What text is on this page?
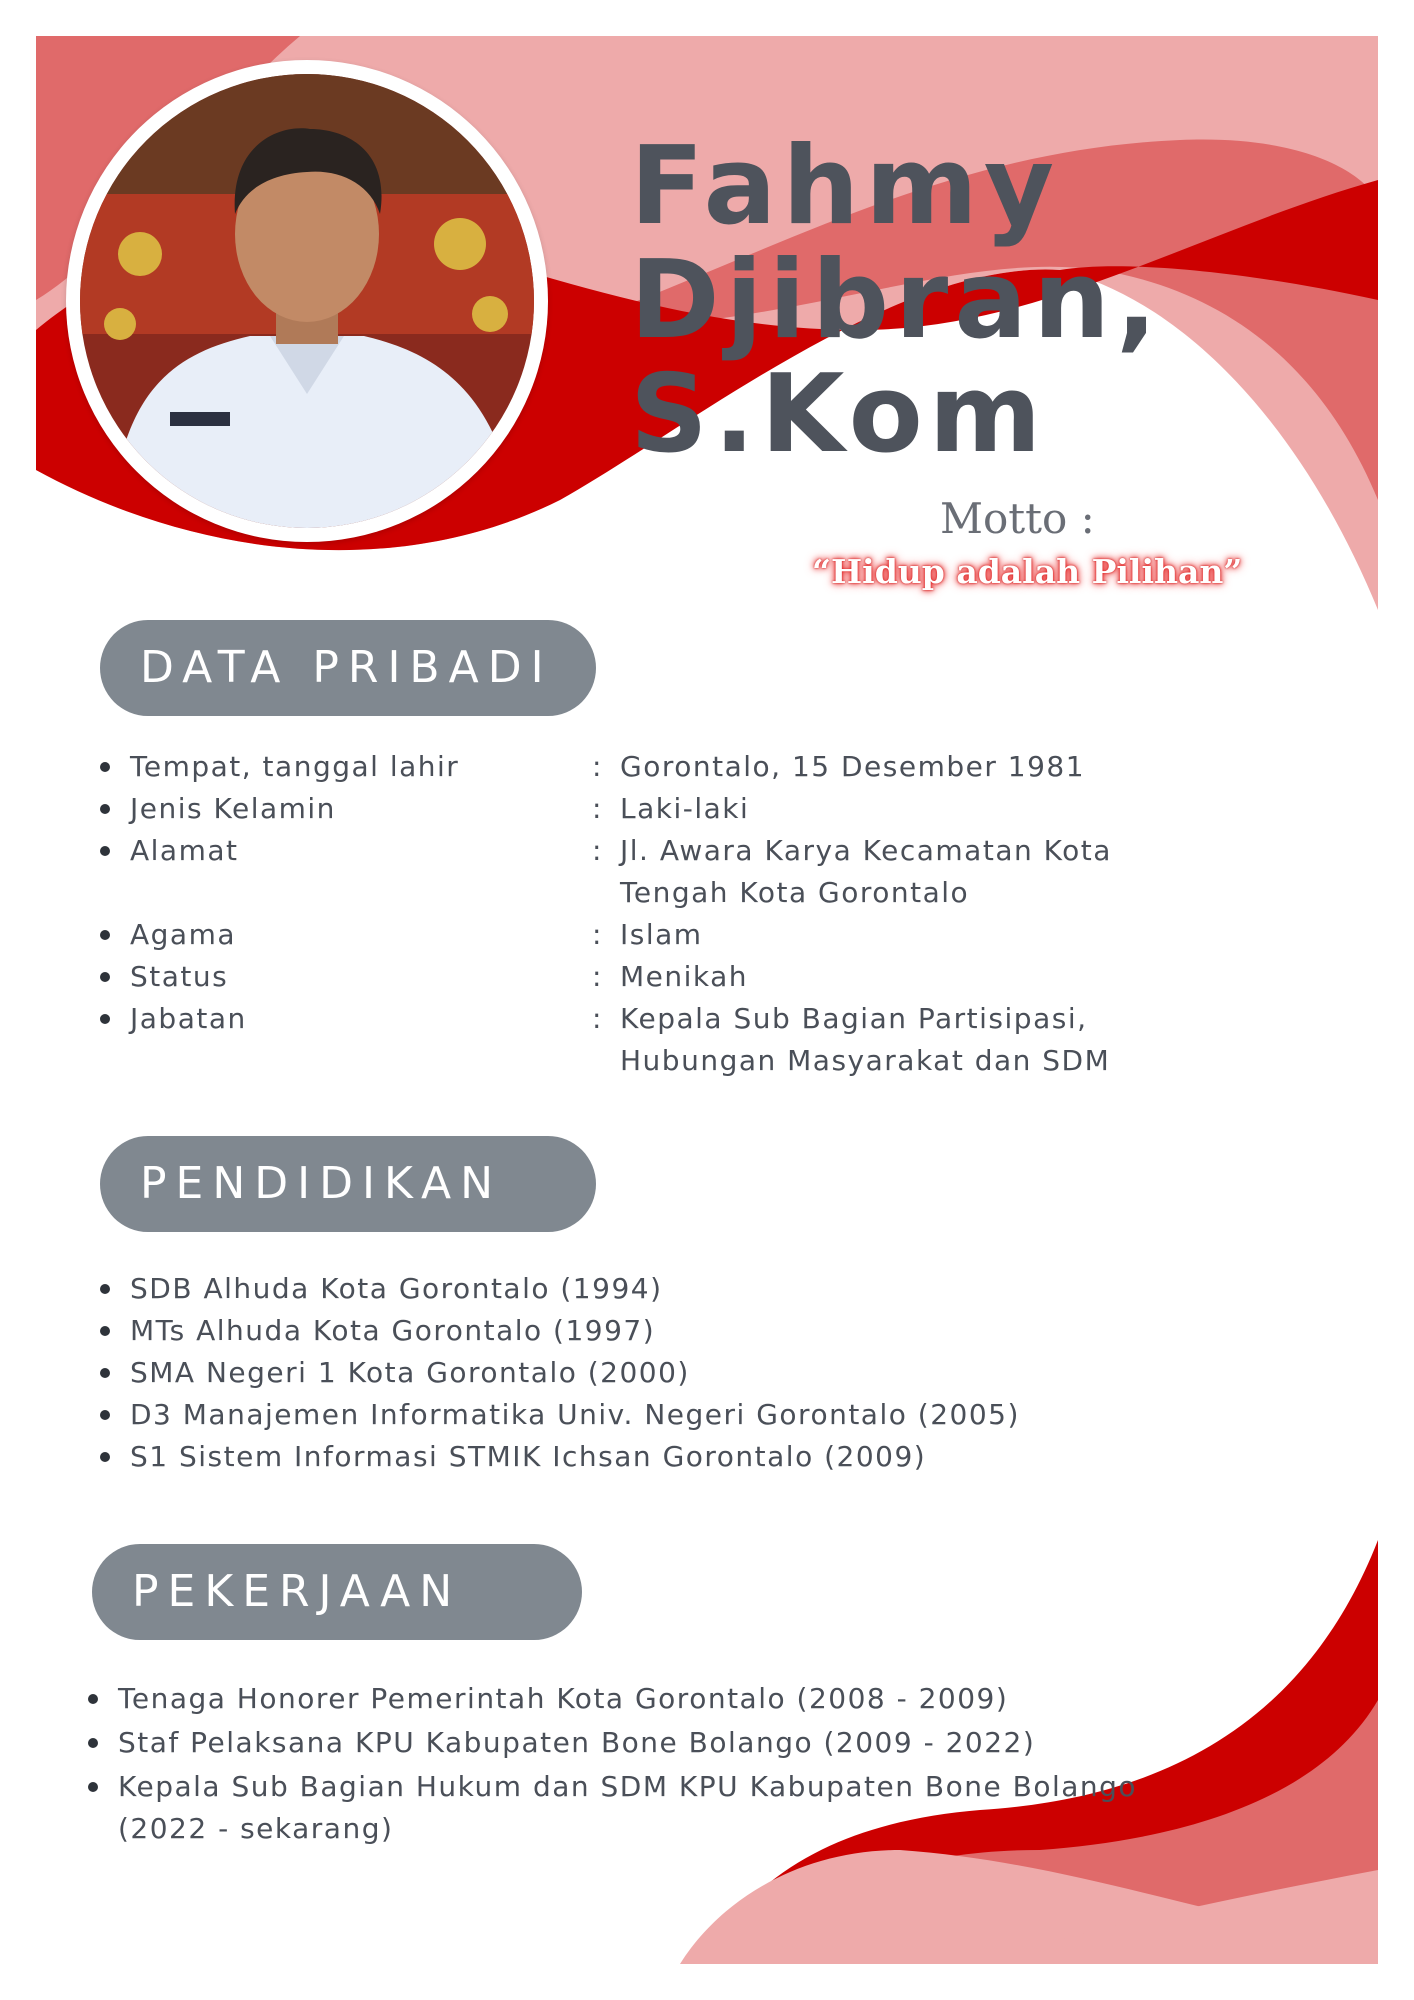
Fahmy
Djibran,
S.Kom
Motto :
“Hidup adalah Pilihan”
DATA PRIBADI
Tempat, tanggal lahir	: Gorontalo, 15 Desember 1981
Jenis Kelamin	: Laki-laki
Alamat	: Jl. Awara Karya Kecamatan Kota Tengah Kota Gorontalo
Agama	: Islam
Status	: Menikah
Jabatan	: Kepala Sub Bagian Partisipasi, Hubungan Masyarakat dan SDM
PENDIDIKAN
SDB Alhuda Kota Gorontalo (1994)
MTs Alhuda Kota Gorontalo (1997)
SMA Negeri 1 Kota Gorontalo (2000)
D3 Manajemen Informatika Univ. Negeri Gorontalo (2005)
S1 Sistem Informasi STMIK Ichsan Gorontalo (2009)
PEKERJAAN
Tenaga Honorer Pemerintah Kota Gorontalo (2008 - 2009)
Staf Pelaksana KPU Kabupaten Bone Bolango (2009 - 2022)
Kepala Sub Bagian Hukum dan SDM KPU Kabupaten Bone Bolango (2022 - sekarang)
